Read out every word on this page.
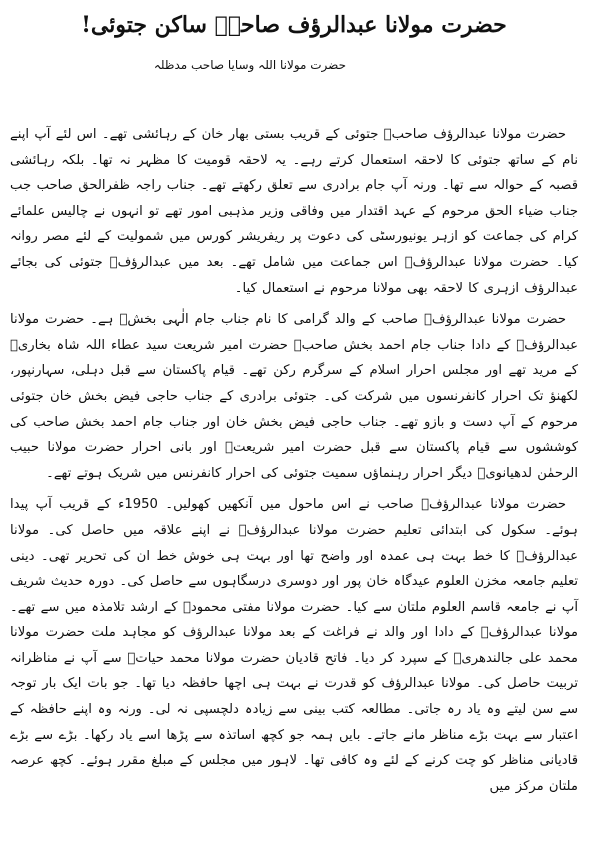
حضرت مولانا عبدالرؤف صاحبؒ ساکن جتوئی!
حضرت مولانا اللہ وسایا صاحب مدظلہ

حضرت مولانا عبدالرؤف صاحبؒ جتوئی کے قریب بستی بھار خان کے رہائشی تھے۔ اس لئے آپ اپنے نام کے ساتھ جتوئی کا لاحقہ استعمال کرتے رہے۔ یہ لاحقہ قومیت کا مظہر نہ تھا۔ بلکہ رہائشی قصبہ کے حوالہ سے تھا۔ ورنہ آپ جام برادری سے تعلق رکھتے تھے۔ جناب راجہ ظفرالحق صاحب جب جناب ضیاء الحق مرحوم کے عہد اقتدار میں وفاقی وزیر مذہبی امور تھے تو انہوں نے چالیس علمائے کرام کی جماعت کو ازہر یونیورسٹی کی دعوت پر ریفریشر کورس میں شمولیت کے لئے مصر روانہ کیا۔ حضرت مولانا عبدالرؤفؒ اس جماعت میں شامل تھے۔ بعد میں عبدالرؤفؒ جتوئی کی بجائے عبدالرؤف ازہری کا لاحقہ بھی مولانا مرحوم نے استعمال کیا۔

حضرت مولانا عبدالرؤفؒ صاحب کے والد گرامی کا نام جناب جام الٰہی بخشؒ ہے۔ حضرت مولانا عبدالرؤفؒ کے دادا جناب جام احمد بخش صاحبؒ حضرت امیر شریعت سید عطاء اللہ شاہ بخاریؒ کے مرید تھے اور مجلس احرار اسلام کے سرگرم رکن تھے۔ قیام پاکستان سے قبل دہلی، سہارنپور، لکھنؤ تک احرار کانفرنسوں میں شرکت کی۔ جتوئی برادری کے جناب حاجی فیض بخش خان جتوئی مرحوم کے آپ دست و بازو تھے۔ جناب حاجی فیض بخش خان اور جناب جام احمد بخش صاحب کی کوششوں سے قیام پاکستان سے قبل حضرت امیر شریعتؒ اور بانی احرار حضرت مولانا حبیب الرحمٰن لدھیانویؒ دیگر احرار رہنماؤں سمیت جتوئی کی احرار کانفرنس میں شریک ہوتے تھے۔

حضرت مولانا عبدالرؤفؒ صاحب نے اس ماحول میں آنکھیں کھولیں۔ 1950ء کے قریب آپ پیدا ہوئے۔ سکول کی ابتدائی تعلیم حضرت مولانا عبدالرؤفؒ نے اپنے علاقہ میں حاصل کی۔ مولانا عبدالرؤفؒ کا خط بہت ہی عمدہ اور واضح تھا اور بہت ہی خوش خط ان کی تحریر تھی۔ دینی تعلیم جامعہ مخزن العلوم عیدگاہ خان پور اور دوسری درسگاہوں سے حاصل کی۔ دورہ حدیث شریف آپ نے جامعہ قاسم العلوم ملتان سے کیا۔ حضرت مولانا مفتی محمودؒ کے ارشد تلامذہ میں سے تھے۔ مولانا عبدالرؤفؒ کے دادا اور والد نے فراغت کے بعد مولانا عبدالرؤف کو مجاہد ملت حضرت مولانا محمد علی جالندھریؒ کے سپرد کر دیا۔ فاتح قادیان حضرت مولانا محمد حیاتؒ سے آپ نے مناظرانہ تربیت حاصل کی۔ مولانا عبدالرؤف کو قدرت نے بہت ہی اچھا حافظہ دیا تھا۔ جو بات ایک بار توجہ سے سن لیتے وہ یاد رہ جاتی۔ مطالعہ کتب بینی سے زیادہ دلچسپی نہ لی۔ ورنہ وہ اپنے حافظہ کے اعتبار سے بہت بڑے مناظر مانے جاتے۔ بایں ہمہ جو کچھ اساتذہ سے پڑھا اسے یاد رکھا۔ بڑے سے بڑے قادیانی مناظر کو چت کرنے کے لئے وہ کافی تھا۔ لاہور میں مجلس کے مبلغ مقرر ہوئے۔ کچھ عرصہ ملتان مرکز میں
